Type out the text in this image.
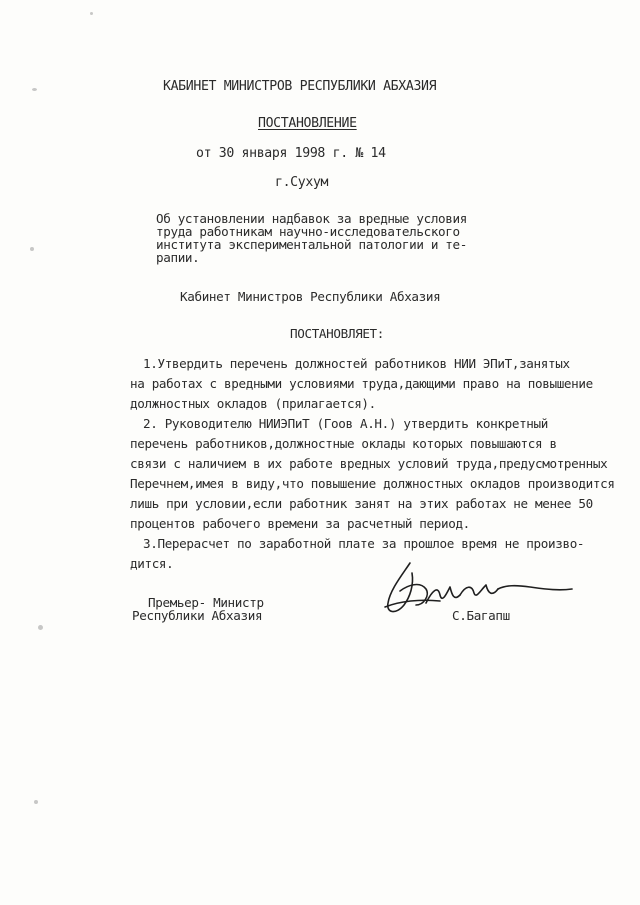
КАБИНЕТ МИНИСТРОВ РЕСПУБЛИКИ АБХАЗИЯ
ПОСТАНОВЛЕНИЕ
от 30 января 1998 г. № 14
г.Сухум
Об установлении надбавок за вредные условия
труда работникам научно-исследовательского
института экспериментальной патологии и те-
рапии.
Кабинет Министров Республики Абхазия
ПОСТАНОВЛЯЕТ:
1.Утвердить перечень должностей работников НИИ ЭПиТ,занятых
на работах с вредными условиями труда,дающими право на повышение
должностных окладов (прилагается).
2. Руководителю НИИЭПиТ (Гоов А.Н.) утвердить конкретный
перечень работников,должностные оклады которых повышаются в
связи с наличием в их работе вредных условий труда,предусмотренных
Перечнем,имея в виду,что повышение должностных окладов производится
лишь при условии,если работник занят на этих работах не менее 50
процентов рабочего времени за расчетный период.
3.Перерасчет по заработной плате за прошлое время не произво-
дится.
Премьер- Министр
Республики Абхазия	С.Багапш
